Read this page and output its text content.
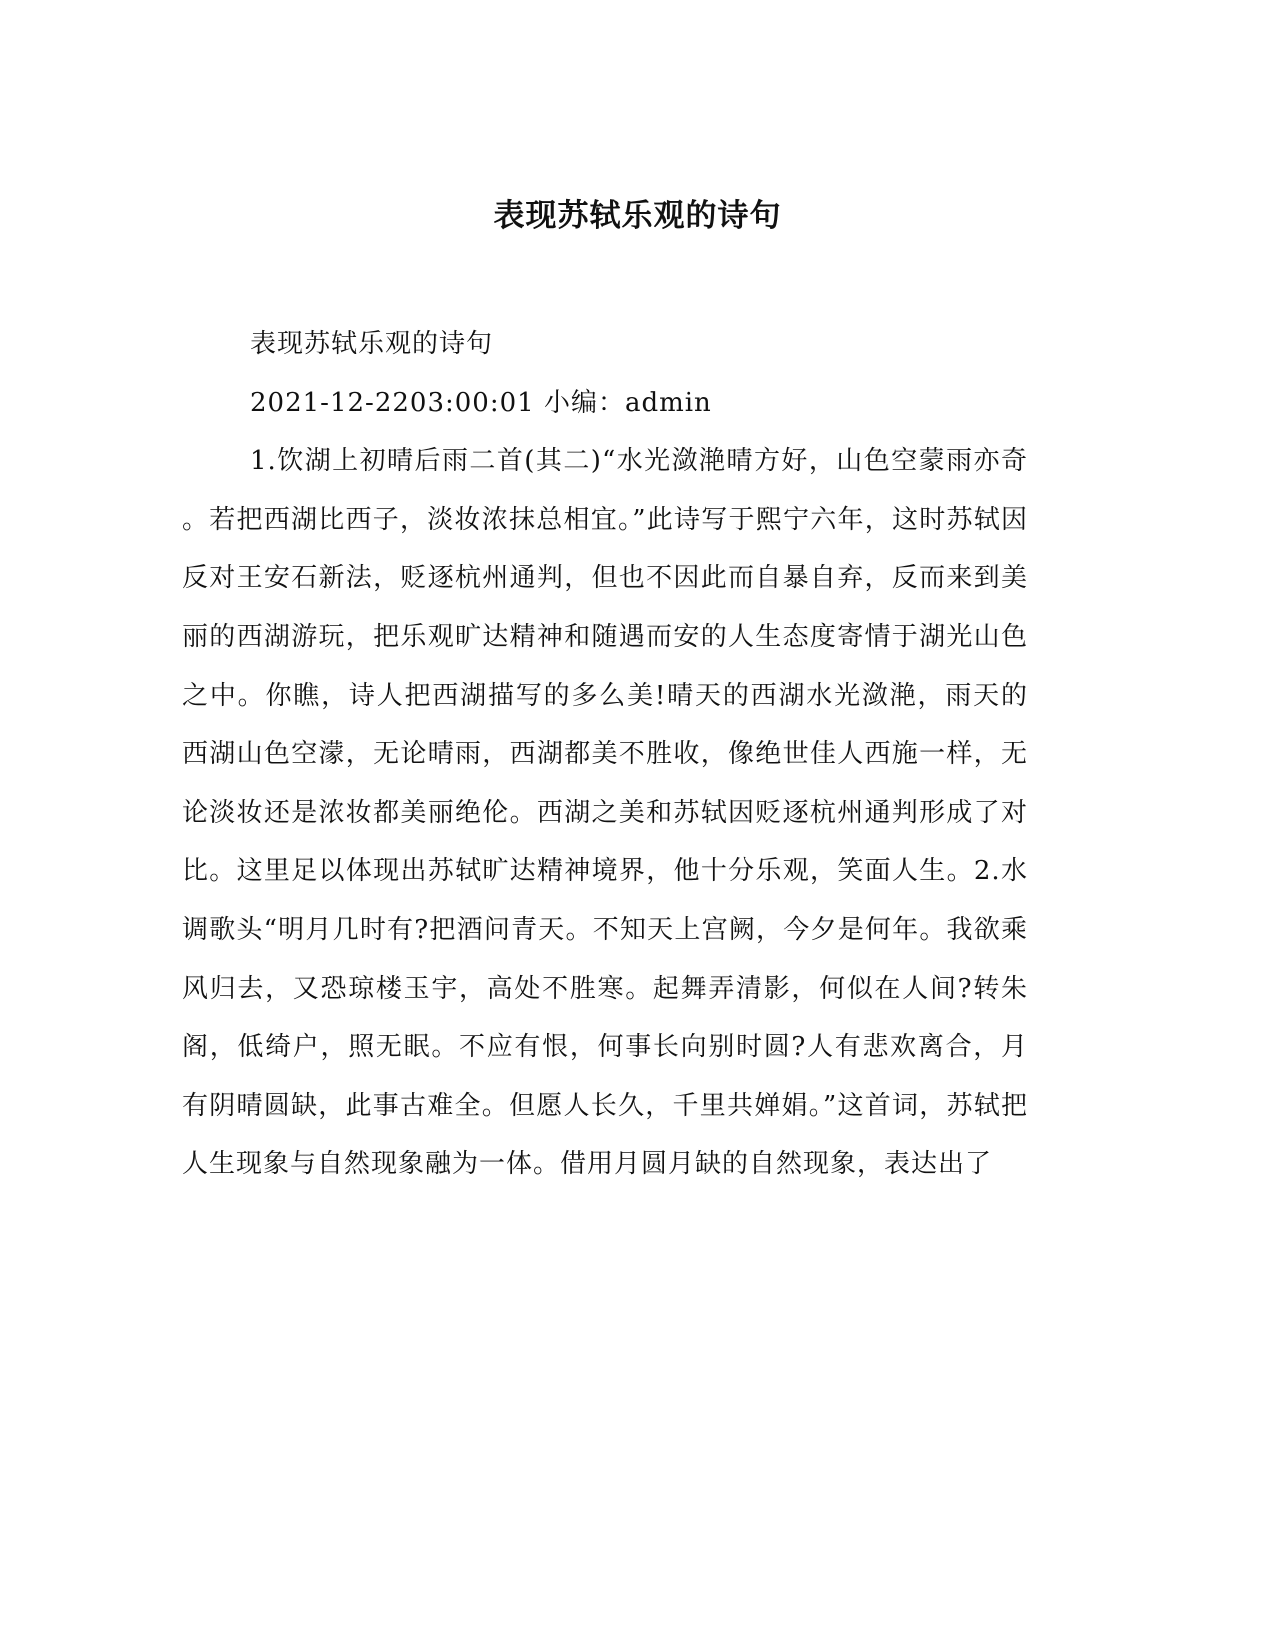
表现苏轼乐观的诗句

表现苏轼乐观的诗句

2021-12-2203:00:01 小编：admin

1.饮湖上初晴后雨二首(其二)“水光潋滟晴方好，山色空蒙雨亦奇。若把西湖比西子，淡妆浓抹总相宜。”此诗写于熙宁六年，这时苏轼因反对王安石新法，贬逐杭州通判，但也不因此而自暴自弃，反而来到美丽的西湖游玩，把乐观旷达精神和随遇而安的人生态度寄情于湖光山色之中。你瞧，诗人把西湖描写的多么美!晴天的西湖水光潋滟，雨天的西湖山色空濛，无论晴雨，西湖都美不胜收，像绝世佳人西施一样，无论淡妆还是浓妆都美丽绝伦。西湖之美和苏轼因贬逐杭州通判形成了对比。这里足以体现出苏轼旷达精神境界，他十分乐观，笑面人生。2.水调歌头“明月几时有?把酒问青天。不知天上宫阙，今夕是何年。我欲乘风归去，又恐琼楼玉宇，高处不胜寒。起舞弄清影，何似在人间?转朱阁，低绮户，照无眠。不应有恨，何事长向别时圆?人有悲欢离合，月有阴晴圆缺，此事古难全。但愿人长久，千里共婵娟。”这首词，苏轼把人生现象与自然现象融为一体。借用月圆月缺的自然现象，表达出了
